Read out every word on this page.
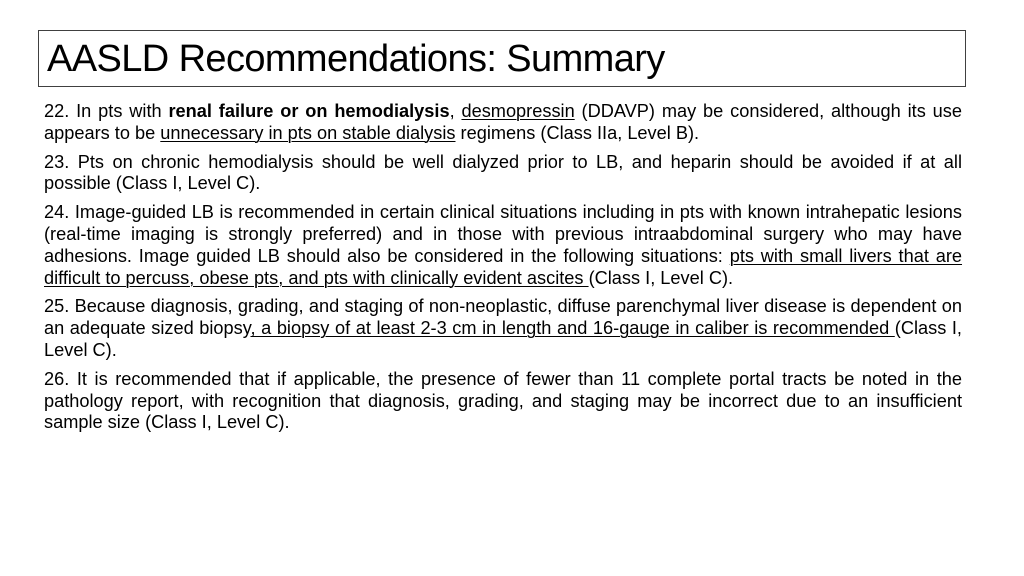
AASLD Recommendations: Summary

22. In pts with renal failure or on hemodialysis, desmopressin (DDAVP) may be considered, although its use appears to be unnecessary in pts on stable dialysis regimens (Class IIa, Level B).

23. Pts on chronic hemodialysis should be well dialyzed prior to LB, and heparin should be avoided if at all possible (Class I, Level C).

24. Image-guided LB is recommended in certain clinical situations including in pts with known intrahepatic lesions (real-time imaging is strongly preferred) and in those with previous intraabdominal surgery who may have adhesions. Image guided LB should also be considered in the following situations: pts with small livers that are difficult to percuss, obese pts, and pts with clinically evident ascites (Class I, Level C).

25. Because diagnosis, grading, and staging of non-neoplastic, diffuse parenchymal liver disease is dependent on an adequate sized biopsy, a biopsy of at least 2-3 cm in length and 16-gauge in caliber is recommended (Class I, Level C).

26. It is recommended that if applicable, the presence of fewer than 11 complete portal tracts be noted in the pathology report, with recognition that diagnosis, grading, and staging may be incorrect due to an insufficient sample size (Class I, Level C).
